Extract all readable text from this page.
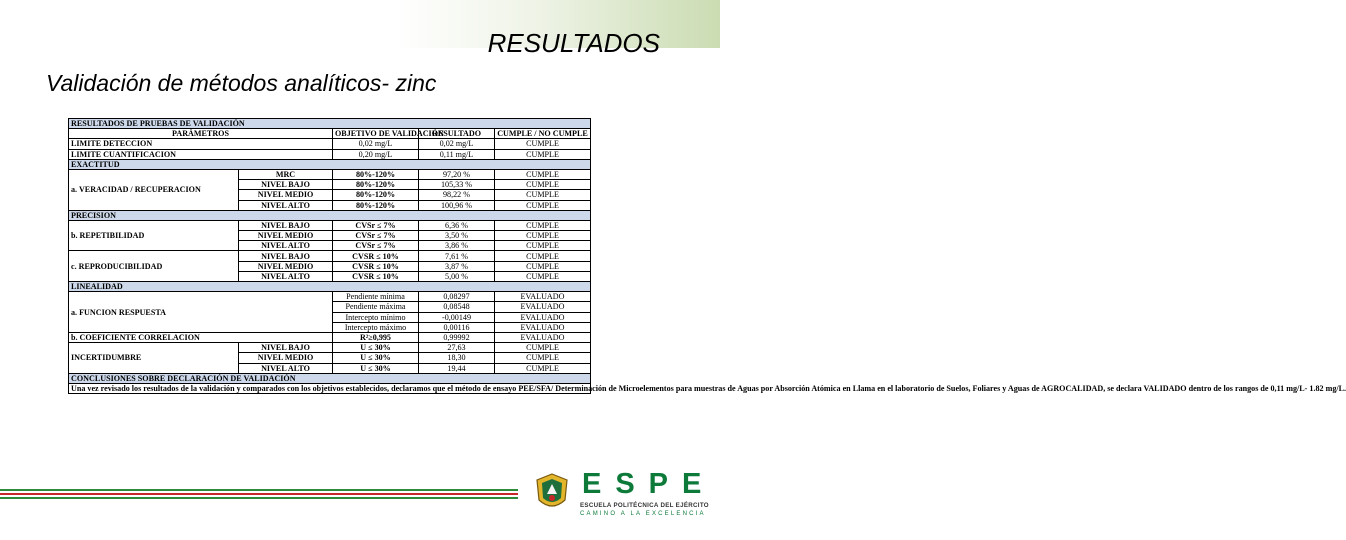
RESULTADOS
Validación de métodos analíticos- zinc
RESULTADOS DE PRUEBAS DE VALIDACIÓN				
PARÁMETROS		OBJETIVO DE VALIDACIÓN	RESULTADO	CUMPLE / NO CUMPLE
LIMITE DETECCION		0,02 mg/L	0,02 mg/L	CUMPLE
LIMITE CUANTIFICACION		0,20 mg/L	0,11 mg/L	CUMPLE
EXACTITUD				
a. VERACIDAD / RECUPERACION	MRC	80%-120%	97,20 %	CUMPLE
	NIVEL BAJO	80%-120%	105,33 %	CUMPLE
	NIVEL MEDIO	80%-120%	98,22 %	CUMPLE
	NIVEL ALTO	80%-120%	100,96 %	CUMPLE
PRECISION				
b. REPETIBILIDAD	NIVEL BAJO	CVSr ≤ 7%	6,36 %	CUMPLE
	NIVEL MEDIO	CVSr ≤ 7%	3,50 %	CUMPLE
	NIVEL ALTO	CVSr ≤ 7%	3,86 %	CUMPLE
c. REPRODUCIBILIDAD	NIVEL BAJO	CVSR ≤ 10%	7,61 %	CUMPLE
	NIVEL MEDIO	CVSR ≤ 10%	3,87 %	CUMPLE
	NIVEL ALTO	CVSR ≤ 10%	5,00 %	CUMPLE
LINEALIDAD				
a. FUNCION RESPUESTA		Pendiente mínima	0,08297	EVALUADO
		Pendiente máxima	0,08548	EVALUADO
		Intercepto mínimo	-0,00149	EVALUADO
		Intercepto máximo	0,00116	EVALUADO
b. COEFICIENTE CORRELACION		R²≥0,995	0,99992	EVALUADO
INCERTIDUMBRE	NIVEL BAJO	U ≤ 30%	27,63	CUMPLE
	NIVEL MEDIO	U ≤ 30%	18,30	CUMPLE
	NIVEL ALTO	U ≤ 30%	19,44	CUMPLE
CONCLUSIONES SOBRE DECLARACIÓN DE VALIDACIÓN				
Una vez revisado los resultados de la validación y comparados con los objetivos establecidos, declaramos que el método de ensayo PEE/SFA/ Determinación de Microelementos para muestras de Aguas por Absorción Atómica en Llama en el laboratorio de Suelos, Foliares y Aguas de AGROCALIDAD, se declara VALIDADO dentro de los rangos de 0,11 mg/L- 1.82 mg/L.				
ESPE
ESCUELA POLITÉCNICA DEL EJÉRCITO
CAMINO A LA EXCELENCIA
